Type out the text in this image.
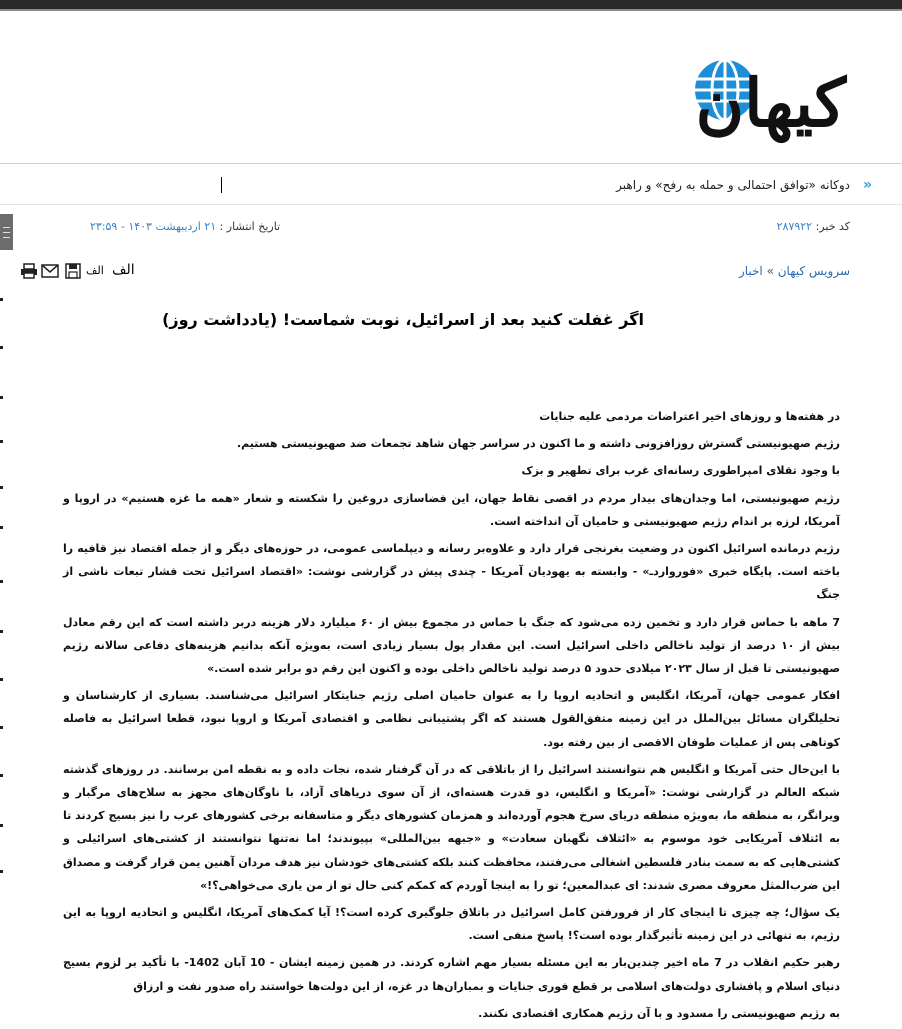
کیهان
«
دوکانه «توافق احتمالی و حمله به رفح» و راهبر
کد خبر: ۲۸۷۹۲۲
تاریخ انتشار : ۲۱ اردیبهشت ۱۴۰۳ - ۲۳:۵۹
الف الف	سرویس کیهان » اخبار
اگر غفلت کنید بعد از اسرائیل، نوبت شماست! (یادداشت روز)

در هفته‌ها و روزهای اخیر اعتراضات مردمی علیه جنایات

رژیم صهیونیستی گسترش روزافزونی داشته و ما اکنون در سراسر جهان شاهد تجمعات ضد صهیونیستی هستیم.

با وجود تقلای امپراطوری رسانه‌ای غرب برای تطهیر و بزک

رژیم صهیونیستی، اما وجدان‌های بیدار مردم در اقصی نقاط جهان، این فضاسازی دروغین را شکسته و شعار «همه ما غزه هستیم» در اروپا و آمریکا، لرزه بر اندام رژیم صهیونیستی و حامیان آن انداخته است.

رژیم درمانده اسرائیل اکنون در وضعیت بغرنجی قرار دارد و علاوه‌بر رسانه و دیپلماسی عمومی، در حوزه‌های دیگر و از جمله اقتصاد نیز قافیه را باخته است. پایگاه خبری «فورواردـ» - وابسته به یهودیان آمریکا - چندی پیش در گزارشی نوشت: «اقتصاد اسرائیل تحت فشار تبعات ناشی از جنگ

7 ماهه با حماس قرار دارد و تخمین زده می‌شود که جنگ با حماس در مجموع بیش از ۶۰ میلیارد دلار هزینه دربر داشته است که این رقم معادل بیش از ۱۰ درصد از تولید ناخالص داخلی اسرائیل است. این مقدار پول بسیار زیادی است، به‌ویژه آنکه بدانیم هزینه‌های دفاعی سالانه رژیم صهیونیستی تا قبل از سال ۲۰۲۳ میلادی حدود ۵ درصد تولید ناخالص داخلی بوده و اکنون این رقم دو برابر شده است.»

افکار عمومی جهان، آمریکا، انگلیس و اتحادیه اروپا را به عنوان حامیان اصلی رژیم جنایتکار اسرائیل می‌شناسند. بسیاری از کارشناسان و تحلیلگران مسائل بین‌الملل در این زمینه متفق‌القول هستند که اگر پشتیبانی نظامی و اقتصادی آمریکا و اروپا نبود، قطعا اسرائیل به فاصله کوتاهی پس از عملیات طوفان الاقصی از بین رفته بود.

با این‌حال حتی آمریکا و انگلیس هم نتوانستند اسرائیل را از باتلاقی که در آن گرفتار شده، نجات داده و به نقطه امن برسانند. در روزهای گذشته شبکه العالم در گزارشی نوشت: «آمریکا و انگلیس، دو قدرت هسته‌ای، از آن سوی دریاهای آزاد، با ناوگان‌های مجهز به سلاح‌های مرگبار و ویرانگر، به منطقه ما، به‌ویژه منطقه دریای سرخ هجوم آورده‌اند و همزمان کشورهای دیگر و متاسفانه برخی کشورهای عرب را نیز بسیج کردند تا به ائتلاف آمریکایی خود موسوم به «ائتلاف نگهبان سعادت» و «جبهه بین‌المللی» بپیوندند؛ اما نه‌تنها نتوانستند از کشتی‌های اسرائیلی و کشتی‌هایی که به سمت بنادر فلسطین اشغالی می‌رفتند، محافظت کنند بلکه کشتی‌های خودشان نیز هدف مردان آهنین یمن قرار گرفت و مصداق این ضرب‌المثل معروف مصری شدند: ای عبدالمعین؛ تو را به اینجا آوردم که کمکم کنی حال تو از من یاری می‌خواهی؟!»

یک سؤال؛ چه چیزی تا اینجای کار از فرورفتن کامل اسرائیل در باتلاق جلوگیری کرده است؟! آیا کمک‌های آمریکا، انگلیس و اتحادیه اروپا به این رژیم، به تنهائی در این زمینه تأثیرگذار بوده است؟! پاسخ منفی است.

رهبر حکیم انقلاب در 7 ماه اخیر چندین‌بار به این مسئله بسیار مهم اشاره کردند. در همین زمینه ایشان - 10 آبان 1402- با تأکید بر لزوم بسیج دنیای اسلام و پافشاری دولت‌های اسلامی بر قطع فوری جنایات و بمباران‌ها در غزه، از این دولت‌ها خواستند راه صدور نفت و ارزاق

به رژیم صهیونیستی را مسدود و با آن رژیم همکاری اقتصادی نکنند.
